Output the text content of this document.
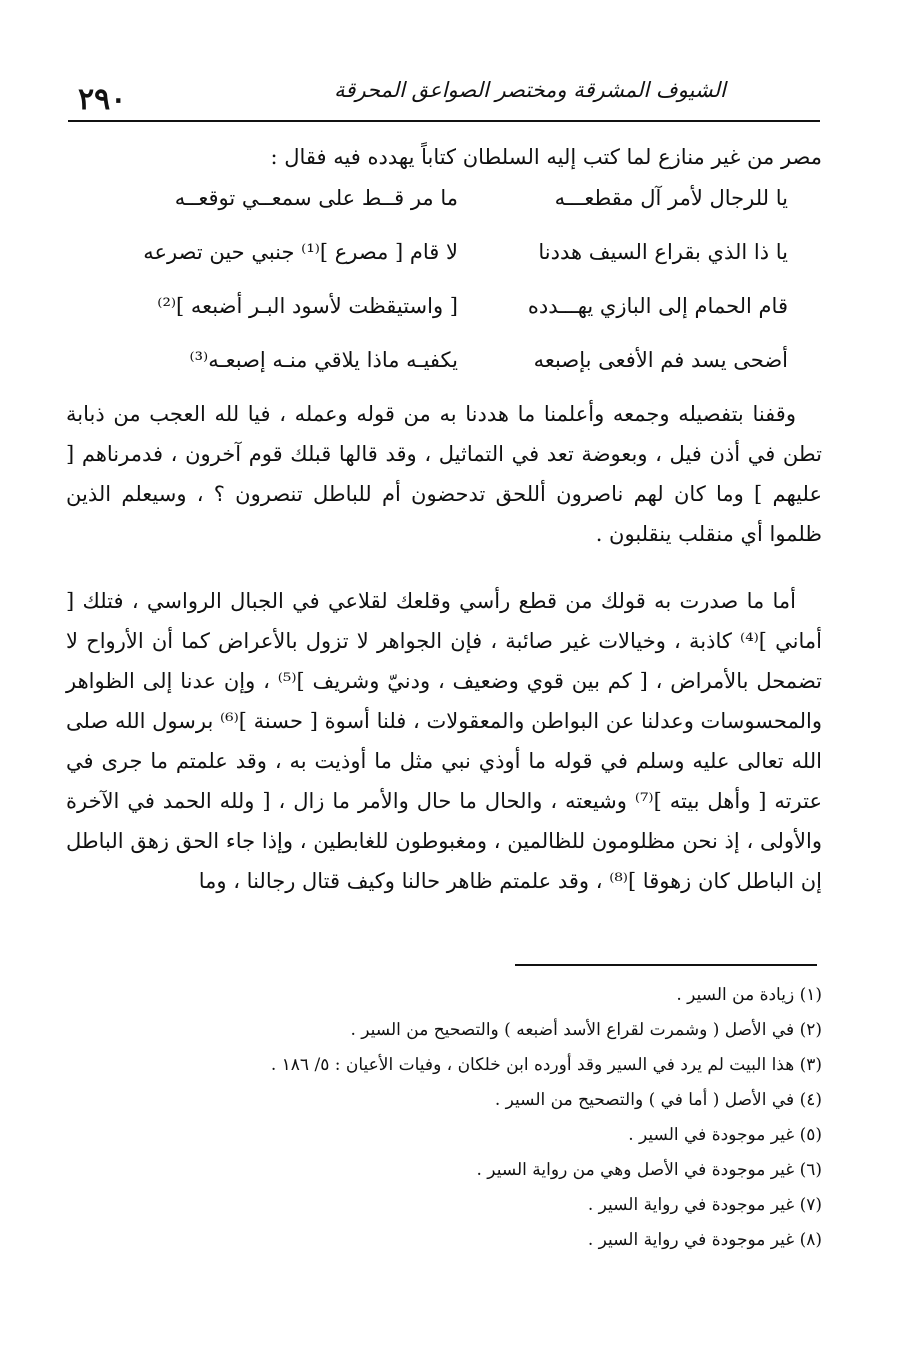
٢٩٠	الشيوف المشرقة ومختصر الصواعق المحرقة

مصر من غير منازع لما كتب إليه السلطان كتاباً يهدده فيه فقال :

يا للرجال لأمر آل مقطعـــه
ما مر قــط على سمعــي توقعــه
يا ذا الذي بقراع السيف هددنا
لا قام [ مصرع ]⁽¹⁾ جنبي حين تصرعه
قام الحمام إلى البازي يهـــدده
[ واستيقظت لأسود البـر أضبعه ]⁽²⁾
أضحى يسد فم الأفعى بإصبعه
يكفيـه ماذا يلاقي منـه إصبعـه⁽³⁾

وقفنا بتفصيله وجمعه وأعلمنا ما هددنا به من قوله وعمله ، فيا لله العجب من ذبابة تطن في أذن فيل ، وبعوضة تعد في التماثيل ، وقد قالها قبلك قوم آخرون ، فدمرناهم [ عليهم ] وما كان لهم ناصرون أللحق تدحضون أم للباطل تنصرون ؟ ، وسيعلم الذين ظلموا أي منقلب ينقلبون .

أما ما صدرت به قولك من قطع رأسي وقلعك لقلاعي في الجبال الرواسي ، فتلك [ أماني ]⁽⁴⁾ كاذبة ، وخيالات غير صائبة ، فإن الجواهر لا تزول بالأعراض كما أن الأرواح لا تضمحل بالأمراض ، [ كم بين قوي وضعيف ، ودنيّ وشريف ]⁽⁵⁾ ، وإن عدنا إلى الظواهر والمحسوسات وعدلنا عن البواطن والمعقولات ، فلنا أسوة [ حسنة ]⁽⁶⁾ برسول الله صلى الله تعالى عليه وسلم في قوله ما أوذي نبي مثل ما أوذيت به ، وقد علمتم ما جرى في عترته [ وأهل بيته ]⁽⁷⁾ وشيعته ، والحال ما حال والأمر ما زال ، [ ولله الحمد في الآخرة والأولى ، إذ نحن مظلومون للظالمين ، ومغبوطون للغابطين ، وإذا جاء الحق زهق الباطل إن الباطل كان زهوقا ]⁽⁸⁾ ، وقد علمتم ظاهر حالنا وكيف قتال رجالنا ، وما

(١) زيادة من السير .
(٢) في الأصل ( وشمرت لقراع الأسد أضبعه ) والتصحيح من السير .
(٣) هذا البيت لم يرد في السير وقد أورده ابن خلكان ، وفيات الأعيان : ٥/ ١٨٦ .
(٤) في الأصل ( أما في ) والتصحيح من السير .
(٥) غير موجودة في السير .
(٦) غير موجودة في الأصل وهي من رواية السير .
(٧) غير موجودة في رواية السير .
(٨) غير موجودة في رواية السير .
